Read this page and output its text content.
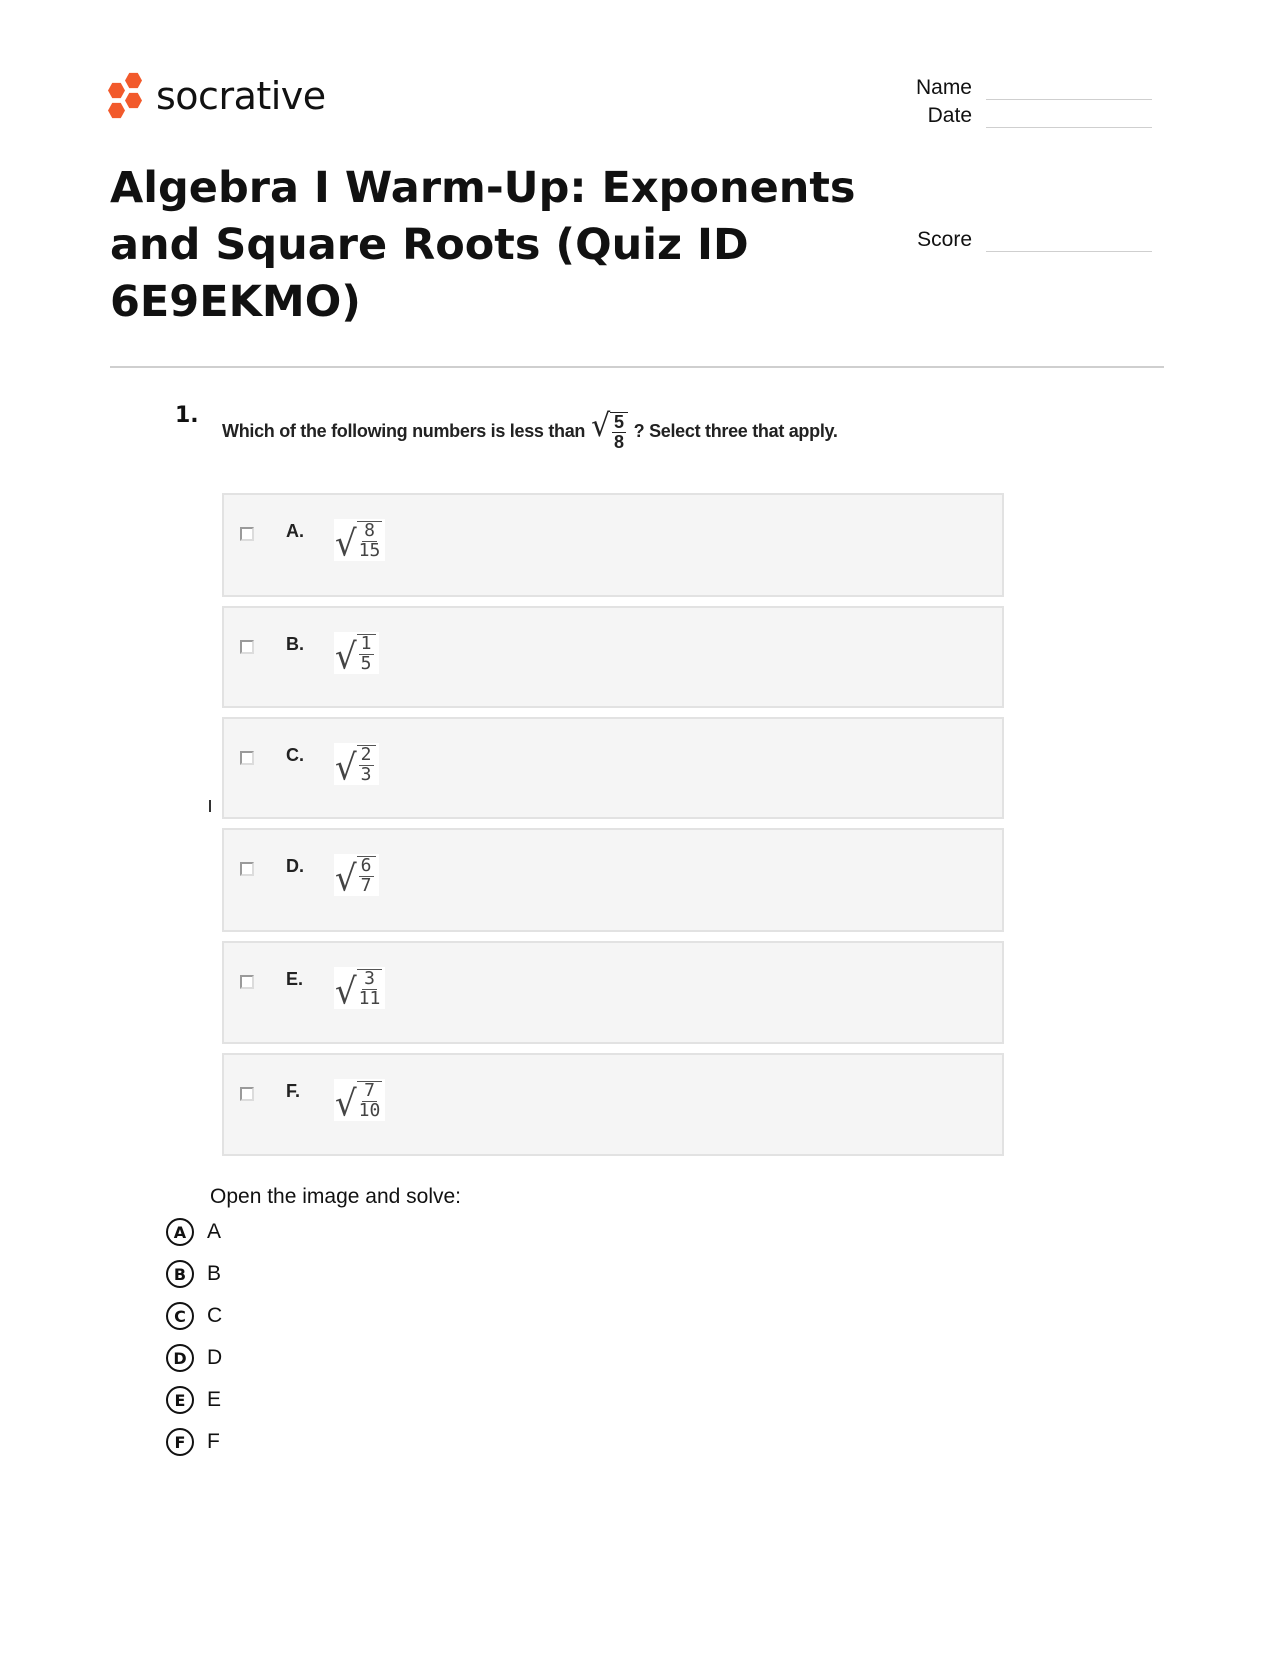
socrative	Name
Date
Score
Algebra I Warm-Up: Exponents and Square Roots (Quiz ID 6E9EKMO)
1.
Which of the following numbers is less than √ $\frac{5}{8}$ ? Select three that apply.
A. √ $\frac{8}{15}$
B. √ $\frac{1}{5}$
C. √ $\frac{2}{3}$
D. √ $\frac{6}{7}$
E. √ $\frac{3}{11}$
F. √ $\frac{7}{10}$
Open the image and solve:
A A
B B
C	C
D D
E	E
F	F
